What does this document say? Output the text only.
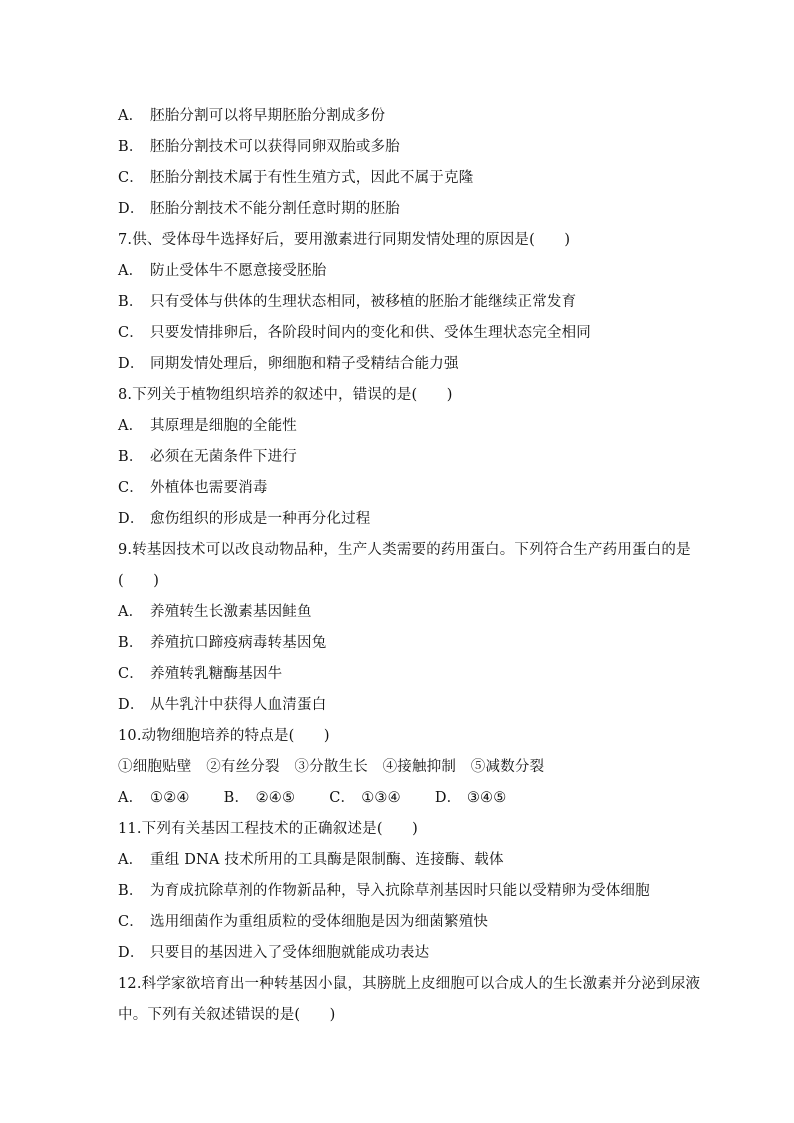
A． 胚胎分割可以将早期胚胎分割成多份
B． 胚胎分割技术可以获得同卵双胎或多胎
C． 胚胎分割技术属于有性生殖方式，因此不属于克隆
D． 胚胎分割技术不能分割任意时期的胚胎
7.供、受体母牛选择好后，要用激素进行同期发情处理的原因是(　　)
A． 防止受体牛不愿意接受胚胎
B． 只有受体与供体的生理状态相同，被移植的胚胎才能继续正常发育
C． 只要发情排卵后，各阶段时间内的变化和供、受体生理状态完全相同
D． 同期发情处理后，卵细胞和精子受精结合能力强
8.下列关于植物组织培养的叙述中，错误的是(　　)
A． 其原理是细胞的全能性
B． 必须在无菌条件下进行
C． 外植体也需要消毒
D． 愈伤组织的形成是一种再分化过程
9.转基因技术可以改良动物品种，生产人类需要的药用蛋白。下列符合生产药用蛋白的是
(　　)
A． 养殖转生长激素基因鲑鱼
B． 养殖抗口蹄疫病毒转基因兔
C． 养殖转乳糖酶基因牛
D． 从牛乳汁中获得人血清蛋白
10.动物细胞培养的特点是(　　)
①细胞贴壁　②有丝分裂　③分散生长　④接触抑制　⑤减数分裂
A． ①②④ B． ②④⑤ C． ①③④ D． ③④⑤
11.下列有关基因工程技术的正确叙述是(　　)
A． 重组 DNA 技术所用的工具酶是限制酶、连接酶、载体
B． 为育成抗除草剂的作物新品种，导入抗除草剂基因时只能以受精卵为受体细胞
C． 选用细菌作为重组质粒的受体细胞是因为细菌繁殖快
D． 只要目的基因进入了受体细胞就能成功表达
12.科学家欲培育出一种转基因小鼠，其膀胱上皮细胞可以合成人的生长激素并分泌到尿液
中。下列有关叙述错误的是(　　)
